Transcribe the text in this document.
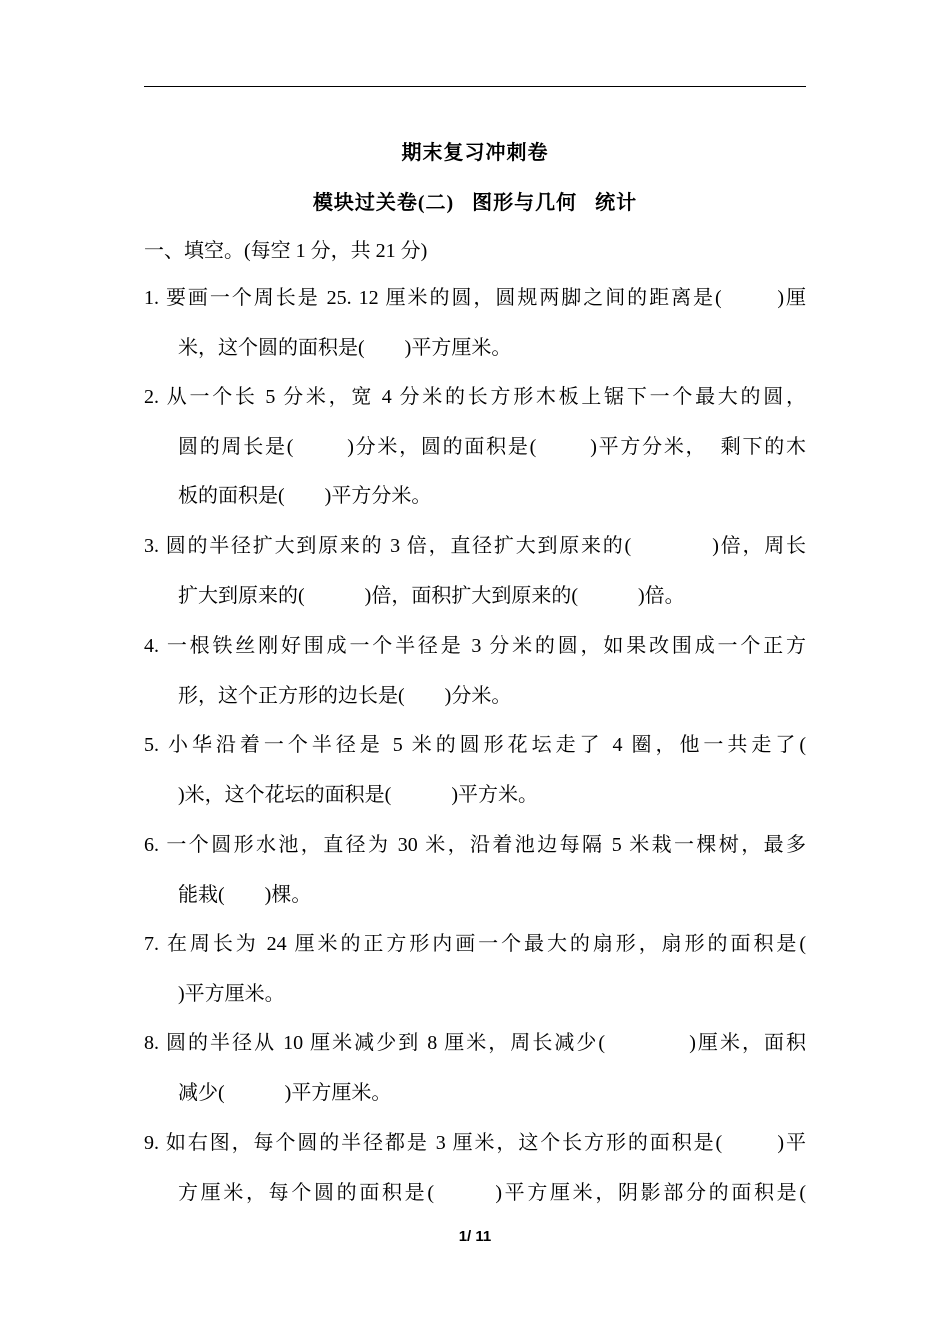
期末复习冲刺卷
模块过关卷(二)   图形与几何   统计
一、填空。(每空 1 分，共 21 分)
1. 要画一个周长是 25. 12 厘米的圆，圆规两脚之间的距离是(        )厘
米，这个圆的面积是(        )平方厘米。
2. 从一个长 5 分米，宽 4 分米的长方形木板上锯下一个最大的圆，
圆的周长是(        )分米，圆的面积是(        )平方分米，  剩下的木
板的面积是(        )平方分米。
3. 圆的半径扩大到原来的 3 倍，直径扩大到原来的(            )倍，周长
扩大到原来的(            )倍，面积扩大到原来的(            )倍。
4. 一根铁丝刚好围成一个半径是 3 分米的圆，如果改围成一个正方
形，这个正方形的边长是(        )分米。
5. 小华沿着一个半径是 5 米的圆形花坛走了 4 圈，他一共走了(
)米，这个花坛的面积是(            )平方米。
6. 一个圆形水池，直径为 30 米，沿着池边每隔 5 米栽一棵树，最多
能栽(        )棵。
7. 在周长为 24 厘米的正方形内画一个最大的扇形，扇形的面积是(
)平方厘米。
8. 圆的半径从 10 厘米减少到 8 厘米，周长减少(            )厘米，面积
减少(            )平方厘米。
9. 如右图，每个圆的半径都是 3 厘米，这个长方形的面积是(        )平
方厘米，每个圆的面积是(        )平方厘米，阴影部分的面积是(
1/ 11
